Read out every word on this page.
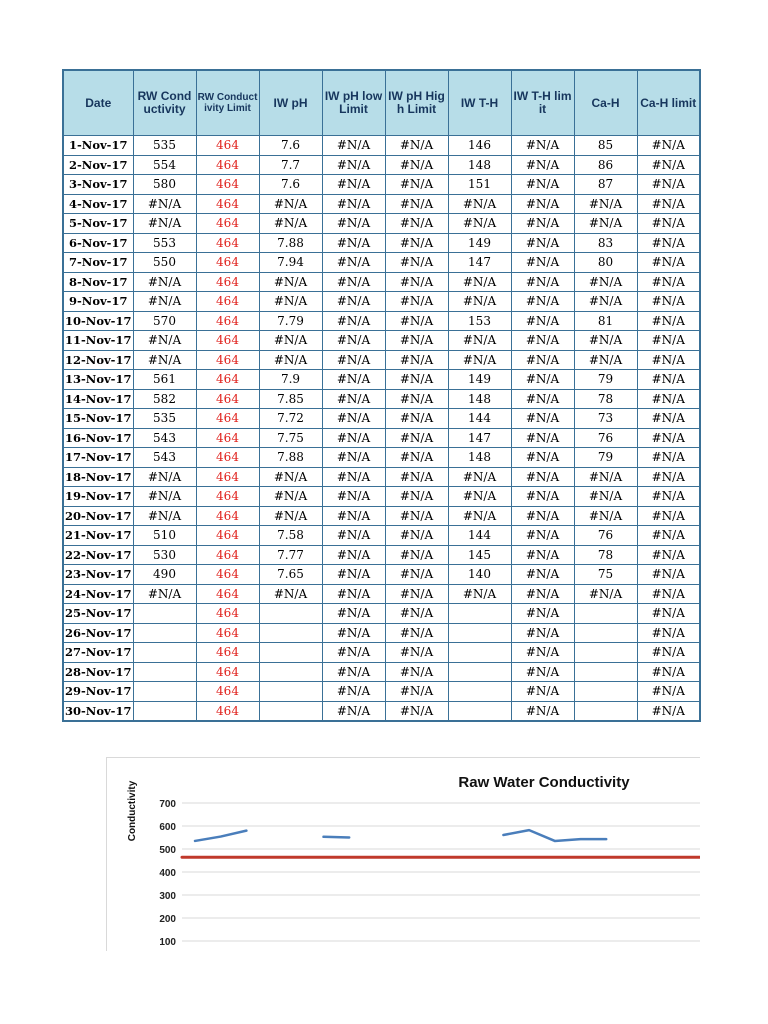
Date	RW Conductivity	RW Conductivity Limit	IW pH	IW pH low Limit	IW pH High Limit	IW T-H	IW T-H limit	Ca-H	Ca-H limit
1-Nov-17	535	464	7.6	#N/A	#N/A	146	#N/A	85	#N/A
2-Nov-17	554	464	7.7	#N/A	#N/A	148	#N/A	86	#N/A
3-Nov-17	580	464	7.6	#N/A	#N/A	151	#N/A	87	#N/A
4-Nov-17	#N/A	464	#N/A	#N/A	#N/A	#N/A	#N/A	#N/A	#N/A
5-Nov-17	#N/A	464	#N/A	#N/A	#N/A	#N/A	#N/A	#N/A	#N/A
6-Nov-17	553	464	7.88	#N/A	#N/A	149	#N/A	83	#N/A
7-Nov-17	550	464	7.94	#N/A	#N/A	147	#N/A	80	#N/A
8-Nov-17	#N/A	464	#N/A	#N/A	#N/A	#N/A	#N/A	#N/A	#N/A
9-Nov-17	#N/A	464	#N/A	#N/A	#N/A	#N/A	#N/A	#N/A	#N/A
10-Nov-17	570	464	7.79	#N/A	#N/A	153	#N/A	81	#N/A
11-Nov-17	#N/A	464	#N/A	#N/A	#N/A	#N/A	#N/A	#N/A	#N/A
12-Nov-17	#N/A	464	#N/A	#N/A	#N/A	#N/A	#N/A	#N/A	#N/A
13-Nov-17	561	464	7.9	#N/A	#N/A	149	#N/A	79	#N/A
14-Nov-17	582	464	7.85	#N/A	#N/A	148	#N/A	78	#N/A
15-Nov-17	535	464	7.72	#N/A	#N/A	144	#N/A	73	#N/A
16-Nov-17	543	464	7.75	#N/A	#N/A	147	#N/A	76	#N/A
17-Nov-17	543	464	7.88	#N/A	#N/A	148	#N/A	79	#N/A
18-Nov-17	#N/A	464	#N/A	#N/A	#N/A	#N/A	#N/A	#N/A	#N/A
19-Nov-17	#N/A	464	#N/A	#N/A	#N/A	#N/A	#N/A	#N/A	#N/A
20-Nov-17	#N/A	464	#N/A	#N/A	#N/A	#N/A	#N/A	#N/A	#N/A
21-Nov-17	510	464	7.58	#N/A	#N/A	144	#N/A	76	#N/A
22-Nov-17	530	464	7.77	#N/A	#N/A	145	#N/A	78	#N/A
23-Nov-17	490	464	7.65	#N/A	#N/A	140	#N/A	75	#N/A
24-Nov-17	#N/A	464	#N/A	#N/A	#N/A	#N/A	#N/A	#N/A	#N/A
25-Nov-17		464		#N/A	#N/A		#N/A		#N/A
26-Nov-17		464		#N/A	#N/A		#N/A		#N/A
27-Nov-17		464		#N/A	#N/A		#N/A		#N/A
28-Nov-17		464		#N/A	#N/A		#N/A		#N/A
29-Nov-17		464		#N/A	#N/A		#N/A		#N/A
30-Nov-17		464		#N/A	#N/A		#N/A		#N/A
700
600
500
400
300
200
100
Raw Water Conductivity
Conductivity
